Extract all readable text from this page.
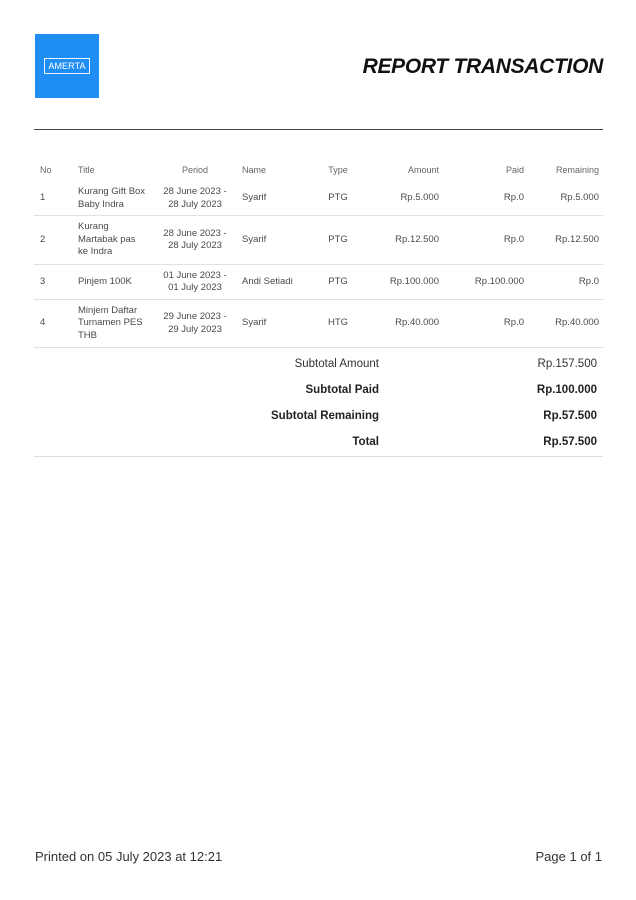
AMERTA	REPORT TRANSACTION
No	Title	Period	Name	Type	Amount	Paid	Remaining
1	Kurang Gift Box Baby Indra	28 June 2023 - 28 July 2023	Syarif	PTG	Rp.5.000	Rp.0	Rp.5.000
2	Kurang Martabak pas ke Indra	28 June 2023 - 28 July 2023	Syarif	PTG	Rp.12.500	Rp.0	Rp.12.500
3	Pinjem 100K	01 June 2023 - 01 July 2023	Andi Setiadi	PTG	Rp.100.000	Rp.100.000	Rp.0
4	Minjem Daftar Turnamen PES THB	29 June 2023 - 29 July 2023	Syarif	HTG	Rp.40.000	Rp.0	Rp.40.000
Subtotal Amount	Rp.157.500
Subtotal Paid	Rp.100.000
Subtotal Remaining	Rp.57.500
Total	Rp.57.500
Printed on 05 July 2023 at 12:21	Page 1 of 1
